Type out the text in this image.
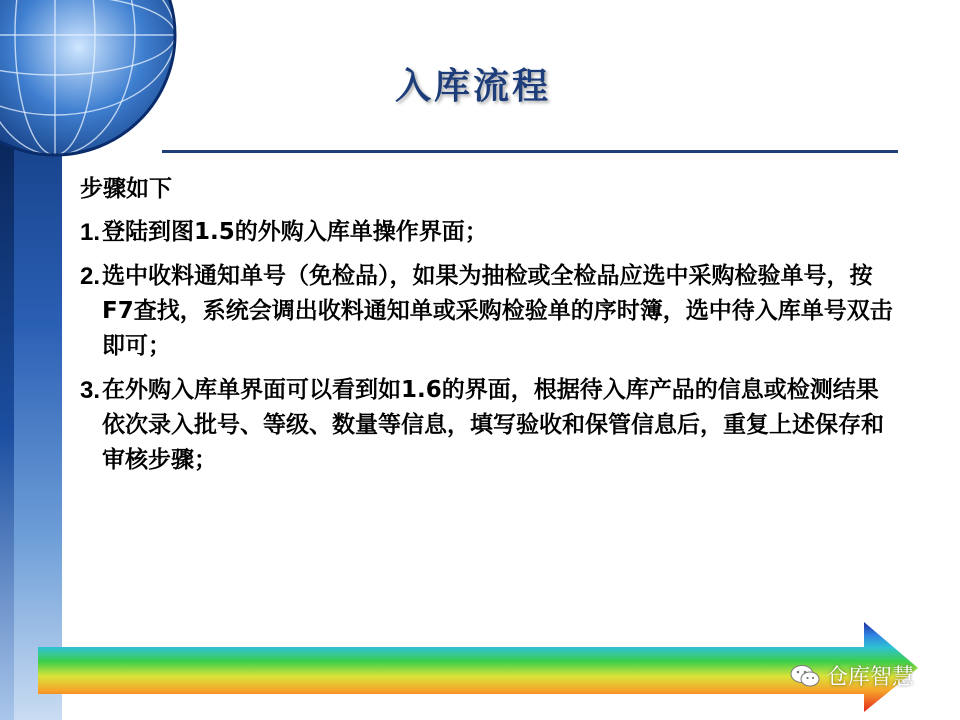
入库流程

步骤如下

1. 登陆到图1.5的外购入库单操作界面；
2. 选中收料通知单号（免检品），如果为抽检或全检品应选中采购检验单号，按F7查找，系统会调出收料通知单或采购检验单的序时簿，选中待入库单号双击即可；
3. 在外购入库单界面可以看到如1.6的界面，根据待入库产品的信息或检测结果依次录入批号、等级、数量等信息，填写验收和保管信息后，重复上述保存和审核步骤；
仓库智慧
